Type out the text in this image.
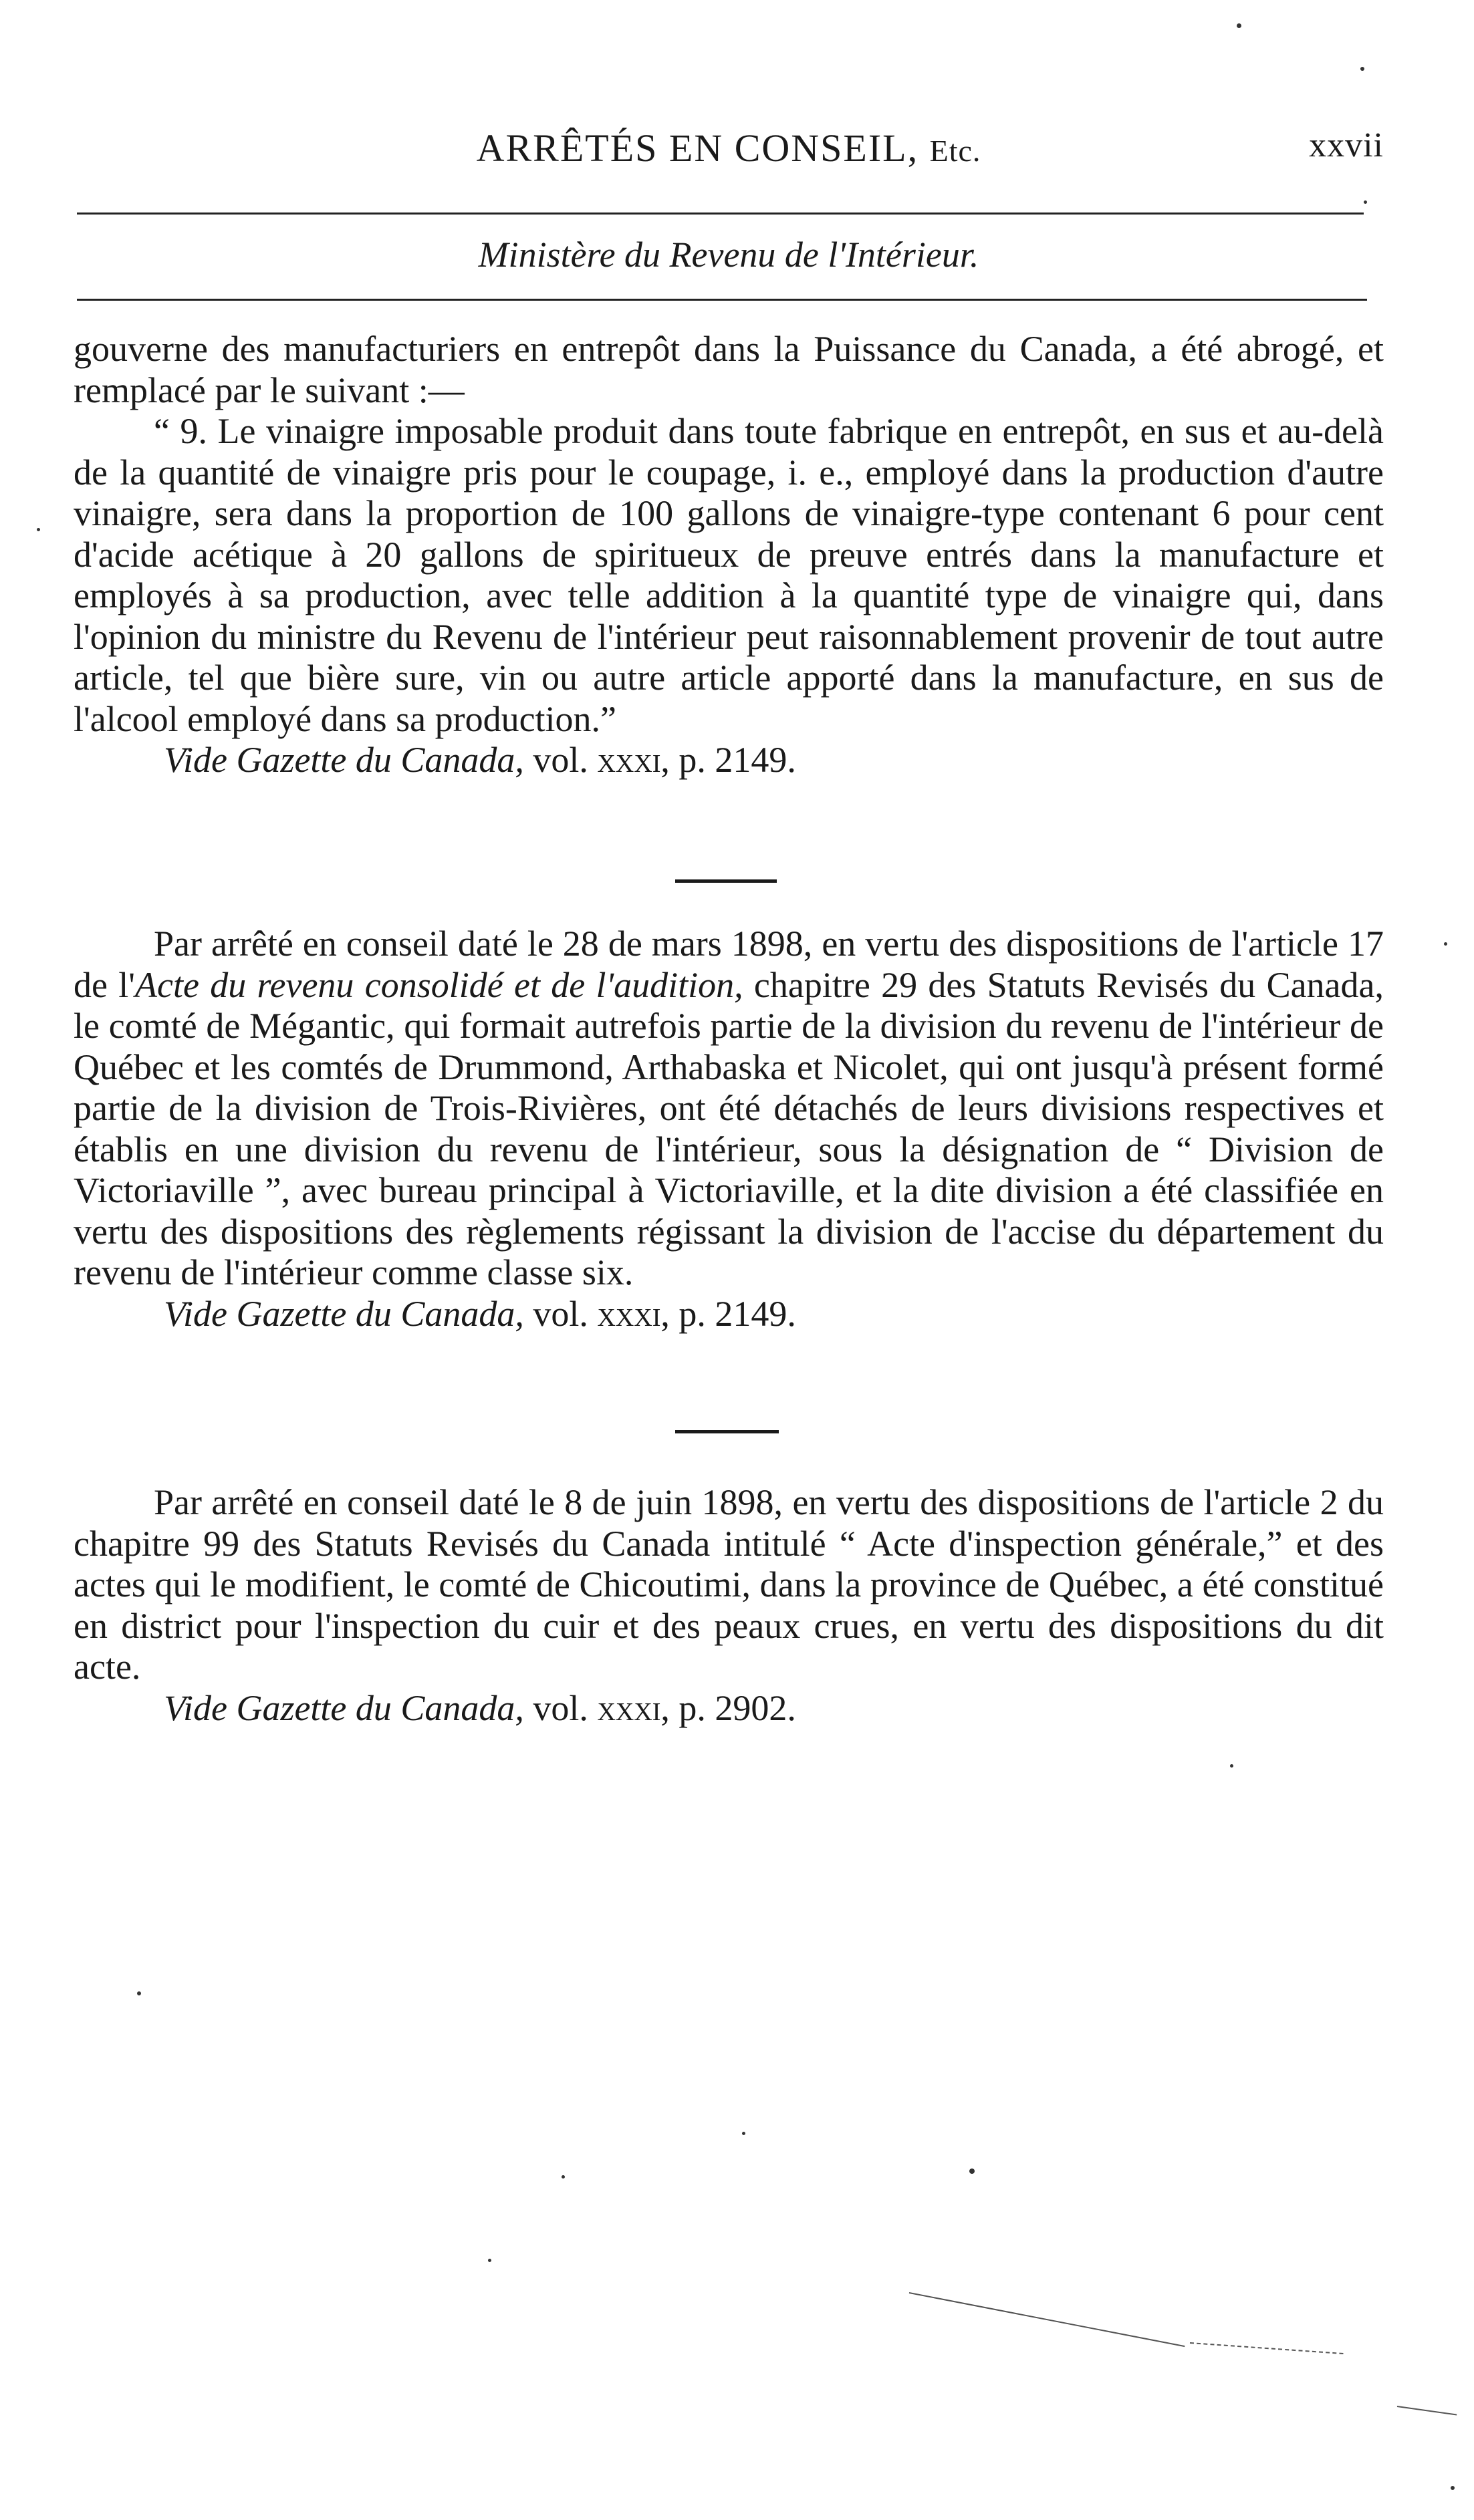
ARRÊTÉS EN CONSEIL, Etc.	xxvii
Ministère du Revenu de l'Intérieur.

gouverne des manufacturiers en entrepôt dans la Puissance du Canada, a été abrogé, et remplacé par le suivant :—

“ 9. Le vinaigre imposable produit dans toute fabrique en entrepôt, en sus et au-delà de la quantité de vinaigre pris pour le coupage, i. e., employé dans la production d'autre vinaigre, sera dans la proportion de 100 gallons de vinaigre-type contenant 6 pour cent d'acide acétique à 20 gallons de spiritueux de preuve entrés dans la manufacture et employés à sa production, avec telle addition à la quantité type de vinaigre qui, dans l'opinion du ministre du Revenu de l'intérieur peut raisonnablement provenir de tout autre article, tel que bière sure, vin ou autre article apporté dans la manufacture, en sus de l'alcool employé dans sa production.”

Vide Gazette du Canada, vol. xxxi, p. 2149.

Par arrêté en conseil daté le 28 de mars 1898, en vertu des dispositions de l'article 17 de l'Acte du revenu consolidé et de l'audition, chapitre 29 des Statuts Revisés du Canada, le comté de Mégantic, qui formait autrefois partie de la division du revenu de l'intérieur de Québec et les comtés de Drummond, Arthabaska et Nicolet, qui ont jusqu'à présent formé partie de la division de Trois-Rivières, ont été détachés de leurs divisions respectives et établis en une division du revenu de l'intérieur, sous la désignation de “ Division de Victoriaville ”, avec bureau principal à Victoriaville, et la dite division a été classifiée en vertu des dispositions des règlements régissant la division de l'accise du département du revenu de l'intérieur comme classe six.

Vide Gazette du Canada, vol. xxxi, p. 2149.

Par arrêté en conseil daté le 8 de juin 1898, en vertu des dispositions de l'article 2 du chapitre 99 des Statuts Revisés du Canada intitulé “ Acte d'inspection générale,” et des actes qui le modifient, le comté de Chicoutimi, dans la province de Québec, a été constitué en district pour l'inspection du cuir et des peaux crues, en vertu des dispositions du dit acte.

Vide Gazette du Canada, vol. xxxi, p. 2902.
